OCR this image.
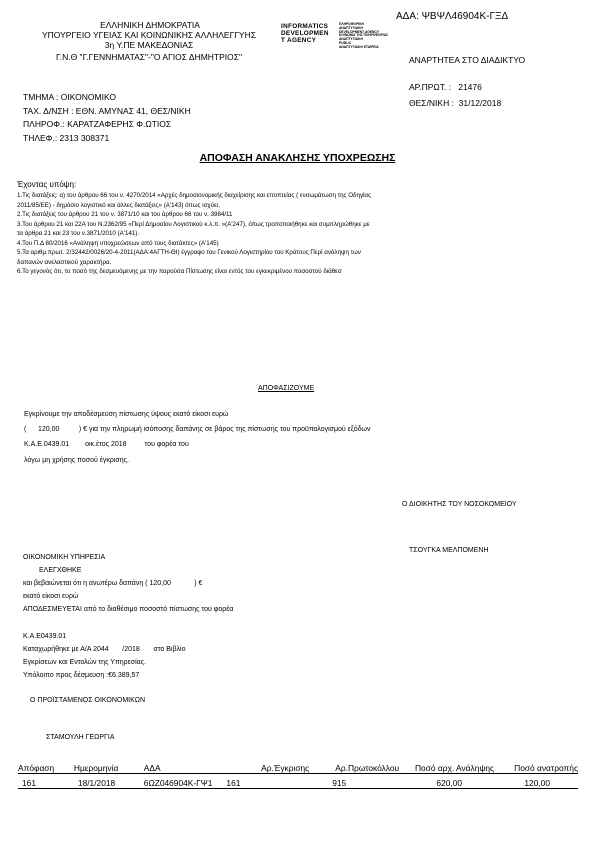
ΑΔΑ: ΨΒΨΛ46904Κ-ΓΞΔ
ΕΛΛΗΝΙΚΗ ΔΗΜΟΚΡΑΤΙΑ
ΥΠΟΥΡΓΕΙΟ ΥΓΕΙΑΣ ΚΑΙ ΚΟΙΝΩΝΙΚΗΣ ΑΛΛΗΛΕΓΓΥΗΣ
3η Υ.ΠΕ ΜΑΚΕΔΟΝΙΑΣ
Γ.Ν.Θ "Γ.ΓΕΝΝΗΜΑΤΑΣ"-"Ο ΑΓΙΟΣ ΔΗΜΗΤΡΙΟΣ"
INFORMATICS
DEVELOPMEN
T AGENCY
ΠΛΗΡΟΦΟΡΙΚΗ
ΑΝΑΠΤΥΞΙΑΚΗ
DEVELOPMENT AGENCY
ΚΟΙΝΩΝΙΑ ΤΗΣ ΠΛΗΡΟΦΟΡΙΑΣ
ΑΝΑΠΤΥΞΙΑΚΗ
PUBLIC
ΑΝΑΠΤΥΞΙΑΚΗ ΕΤΑΙΡΕΙΑ
ΑΝΑΡΤΗΤΕΑ ΣΤΟ ΔΙΑΔΙΚΤΥΟ
ΑΡ.ΠΡΩΤ. : 21476
ΘΕΣ/ΝΙΚΗ : 31/12/2018
ΤΜΗΜΑ : ΟΙΚΟΝΟΜΙΚΟ
ΤΑΧ. Δ/ΝΣΗ : ΕΘΝ. ΑΜΥΝΑΣ 41, ΘΕΣ/ΝΙΚΗ
ΠΛΗΡΟΦ.: ΚΑΡΑΤΖΑΦΕΡΗΣ Φ.ΩΤΙΟΣ
ΤΗΛΕΦ.: 2313 308371
ΑΠΟΦΑΣΗ ΑΝΑΚΛΗΣΗΣ ΥΠΟΧΡΕΩΣΗΣ
Έχοντας υπόψη:
1.Τις διατάξεις: α) του άρθρου 66 του ν. 4270/2014 «Αρχές δημοσιονομικής διαχείρισης και εποπτείας ( ενσωμάτωση της Οδηγίας
2011/85/ΕΕ) - δημόσιο λογιστικό και άλλες διατάξεις» (Α'143) όπως ισχύει.
2.Τις διατάξεις του άρθρου 21 του ν. 3871/10 και του άρθρου 66 του ν. 3984/11
3.Του άρθρου 21 και 22Α του Ν.2362/95 «Περί Δημοσίου Λογιστικού κ.λ.π. »(Α'247), όπως τροποποιήθηκε και συμπληρώθηκε με
τα άρθρα 21 και 23 του ν.3871/2010 (Α'141).
4.Του Π.Δ 80/2016 «Ανάληψη υποχρεώσεων από τους διατάκτες» (Α'145)
5.Τα αριθμ.πρωτ. 2/32442/0026/20-4-2011(ΑΔΑ:4ΑΓΤΗ-ΘΙ) έγγραφο του Γενικού Λογιστηρίου του Κράτους Περί ανάληψη των
δαπανών ανελαστικού χαρακτήρα.
6.Το γεγονός ότι, το ποσό της δεσμευόμενης με την παρούσα Πίστωσης είναι εντός του εγκεκριμένου ποσοστού διάθεσ
ΑΠΟΦΑΣΙΖΟΥΜΕ
Εγκρίνουμε την αποδέσμευση πίστωσης ύψους εκατό είκοσι ευρώ
( 120,00	) € για την πληρωμή ισόποσης δαπάνης σε βάρος της πίστωσης του προϋπολογισμού εξόδων
Κ.Α.Ε.0439.01 οικ.έτος 2018	του φορέα του
λόγω μη χρήσης ποσού έγκρισης.
Ο ΔΙΟΙΚΗΤΗΣ ΤΟΥ ΝΟΣΟΚΟΜΕΙΟΥ
ΤΣΟΥΓΚΑ ΜΕΛΠΟΜΕΝΗ
ΟΙΚΟΝΟΜΙΚΗ ΥΠΗΡΕΣΙΑ
ΕΛΕΓΧΘΗΚΕ
και βεβαιώνεται ότι η ανωτέρω δαπάνη ( 120,00	) €
εκατό είκοσι ευρώ
ΑΠΟΔΕΣΜΕΥΕΤΑΙ από το διαθέσιμο ποσοστό πίστωσης του φορέα
Κ.Α.Ε0439.01
Καταχωρήθηκε με Α/Α 2044 /2018 στο Βιβλίο
Εγκρίσεων και Εντολών της Υπηρεσίας.
Υπόλοιπο προς δέσμευση :€6.389,57
Ο ΠΡΟΪΣΤΑΜΕΝΟΣ ΟΙΚΟΝΟΜΙΚΩΝ
ΣΤΑΜΟΥΛΗ ΓΕΩΡΓΙΑ
Απόφαση	Ημερομηνία	ΑΔΑ	Αρ.Έγκρισης	Αρ.Πρωτοκόλλου	Ποσό αρχ. Ανάληψης	Ποσό ανατροπής
161	18/1/2018	6ΩΖ046904Κ-ΓΨ1	161	915	620,00	120,00
